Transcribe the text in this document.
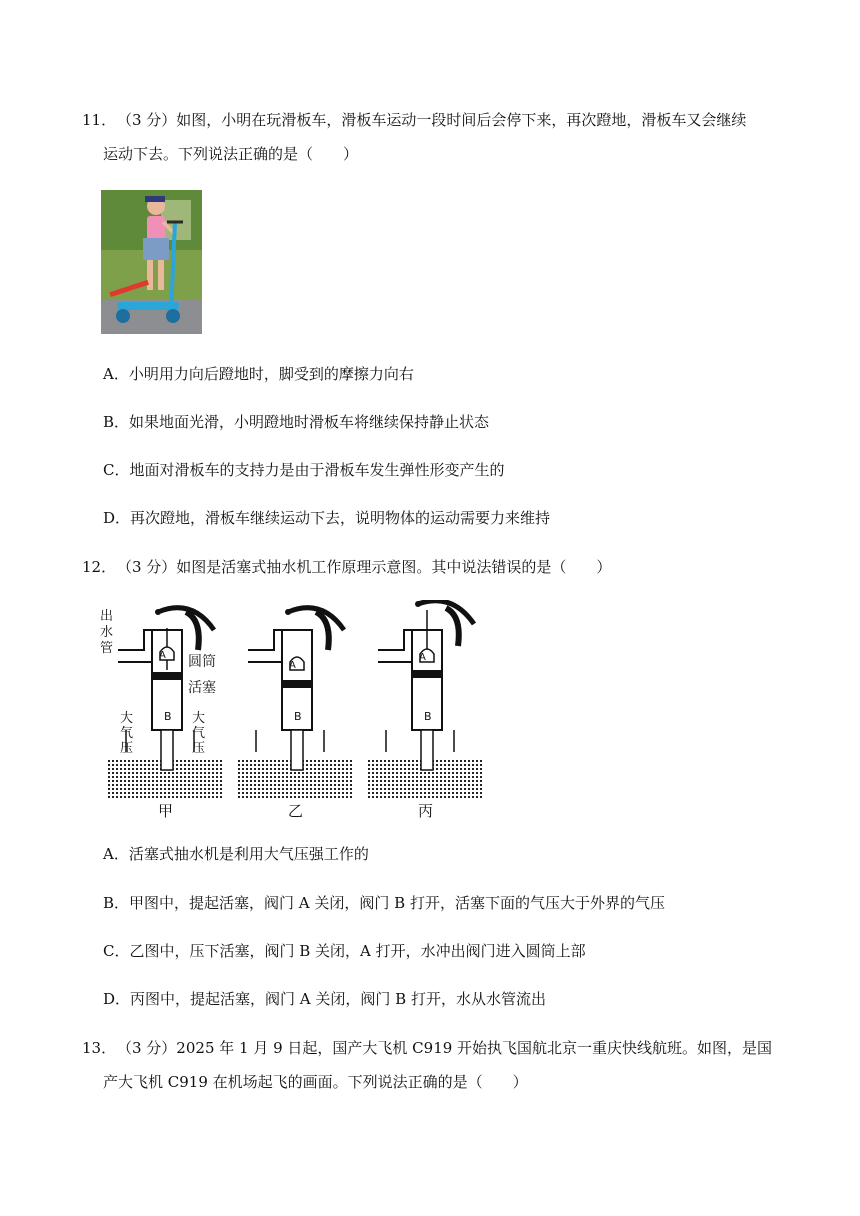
11． （3 分）如图，小明在玩滑板车，滑板车运动一段时间后会停下来，再次蹬地，滑板车又会继续
运动下去。下列说法正确的是（　　）
A．小明用力向后蹬地时，脚受到的摩擦力向右
B．如果地面光滑，小明蹬地时滑板车将继续保持静止状态
C．地面对滑板车的支持力是由于滑板车发生弹性形变产生的
D．再次蹬地，滑板车继续运动下去，说明物体的运动需要力来维持
12． （3 分）如图是活塞式抽水机工作原理示意图。其中说法错误的是（　　）
A
B
A
B
A
B
出
水
管
圆筒
活塞
大
气
压
大
气
压
甲	乙	丙
A．活塞式抽水机是利用大气压强工作的
B．甲图中，提起活塞，阀门 A 关闭，阀门 B 打开，活塞下面的气压大于外界的气压
C．乙图中，压下活塞，阀门 B 关闭，A 打开，水冲出阀门进入圆筒上部
D．丙图中，提起活塞，阀门 A 关闭，阀门 B 打开，水从水管流出
13． （3 分）2025 年 1 月 9 日起，国产大飞机 C919 开始执飞国航北京一重庆快线航班。如图，是国
产大飞机 C919 在机场起飞的画面。下列说法正确的是（　　）
